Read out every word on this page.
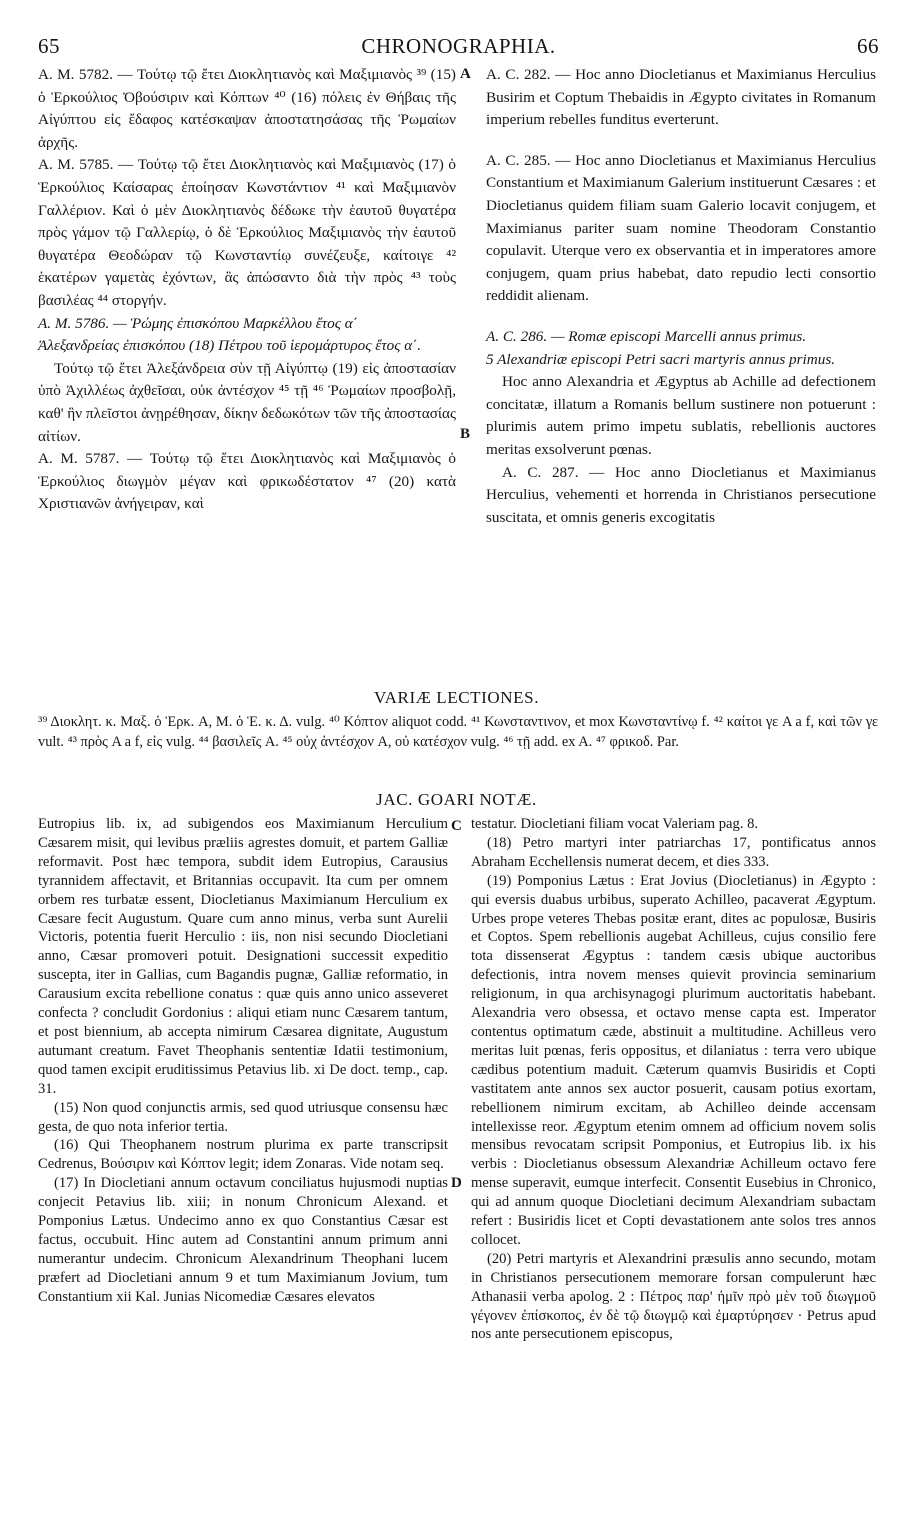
65	CHRONOGRAPHIA.	66
A
B
C
D

A. M. 5782. — Τούτῳ τῷ ἔτει Διοκλητιανὸς καὶ Μαξιμιανὸς ³⁹ (15) ὁ Ἑρκούλιος Ὀβούσιριν καὶ Κόπτων ⁴⁰ (16) πόλεις ἐν Θήβαις τῆς Αἰγύπτου εἰς ἔδαφος κατέσκαψαν ἀποστατησάσας τῆς Ῥωμαίων ἀρχῆς.

A. M. 5785. — Τούτῳ τῷ ἔτει Διοκλητιανὸς καὶ Μαξιμιανὸς (17) ὁ Ἑρκούλιος Καίσαρας ἐποίησαν Κωνστάντιον ⁴¹ καὶ Μαξιμιανὸν Γαλλέριον. Καὶ ὁ μὲν Διοκλητιανὸς δέδωκε τὴν ἑαυτοῦ θυγατέρα πρὸς γάμον τῷ Γαλλερίῳ, ὁ δὲ Ἑρκούλιος Μαξιμιανὸς τὴν ἑαυτοῦ θυγατέρα Θεοδώραν τῷ Κωνσταντίῳ συνέζευξε, καίτοιγε ⁴² ἑκατέρων γαμετὰς ἐχόντων, ἃς ἀπώσαντο διὰ τὴν πρὸς ⁴³ τοὺς βασιλέας ⁴⁴ στοργήν.

A. M. 5786. — Ῥώμης ἐπισκόπου Μαρκέλλου ἔτος α΄

Ἀλεξανδρείας ἐπισκόπου (18) Πέτρου τοῦ ἱερομάρτυρος ἔτος α΄.

Τούτῳ τῷ ἔτει Ἀλεξάνδρεια σὺν τῇ Αἰγύπτῳ (19) εἰς ἀποστασίαν ὑπὸ Ἀχιλλέως ἀχθεῖσαι, οὐκ ἀντέσχον ⁴⁵ τῇ ⁴⁶ Ῥωμαίων προσβολῇ, καθ' ἣν πλεῖστοι ἀνῃρέθησαν, δίκην δεδωκότων τῶν τῆς ἀποστασίας αἰτίων.

A. M. 5787. — Τούτῳ τῷ ἔτει Διοκλητιανὸς καὶ Μαξιμιανὸς ὁ Ἑρκούλιος διωγμὸν μέγαν καὶ φρικωδέστατον ⁴⁷ (20) κατὰ Χριστιανῶν ἀνήγειραν, καὶ

A. C. 282. — Hoc anno Diocletianus et Maximianus Herculius Busirim et Coptum Thebaidis in Ægypto civitates in Romanum imperium rebelles funditus everterunt.

A. C. 285. — Hoc anno Diocletianus et Maximianus Herculius Constantium et Maximianum Galerium instituerunt Cæsares : et Diocletianus quidem filiam suam Galerio locavit conjugem, et Maximianus pariter suam nomine Theodoram Constantio copulavit. Uterque vero ex observantia et in imperatores amore conjugem, quam prius habebat, dato repudio lecti consortio reddidit alienam.

A. C. 286. — Romæ episcopi Marcelli annus primus.

5 Alexandriæ episcopi Petri sacri martyris annus primus.

Hoc anno Alexandria et Ægyptus ab Achille ad defectionem concitatæ, illatum a Romanis bellum sustinere non potuerunt : plurimis autem primo impetu sublatis, rebellionis auctores meritas exsolverunt pœnas.

A. C. 287. — Hoc anno Diocletianus et Maximianus Herculius, vehementi et horrenda in Christianos persecutione suscitata, et omnis generis excogitatis

VARIÆ LECTIONES.

³⁹ Διοκλητ. κ. Μαξ. ὁ Ἑρκ. A, M. ὁ Ἑ. κ. Δ. vulg. ⁴⁰ Κόπτον aliquot codd. ⁴¹ Κωνσταντινον, et mox Κωνσταντίνῳ f. ⁴² καίτοι γε A a f, καὶ τῶν γε vult. ⁴³ πρὸς A a f, εἰς vulg. ⁴⁴ βασιλεῖς A. ⁴⁵ οὐχ ἀντέσχον A, οὐ κατέσχον vulg. ⁴⁶ τῇ add. ex A. ⁴⁷ φρικοδ. Par.

JAC. GOARI NOTÆ.

Eutropius lib. ix, ad subigendos eos Maximianum Herculium Cæsarem misit, qui levibus præliis agrestes domuit, et partem Galliæ reformavit. Post hæc tempora, subdit idem Eutropius, Carausius tyrannidem affectavit, et Britannias occupavit. Ita cum per omnem orbem res turbatæ essent, Diocletianus Maximianum Herculium ex Cæsare fecit Augustum. Quare cum anno minus, verba sunt Aurelii Victoris, potentia fuerit Herculio : iis, non nisi secundo Diocletiani anno, Cæsar promoveri potuit. Designationi successit expeditio suscepta, iter in Gallias, cum Bagandis pugnæ, Galliæ reformatio, in Carausium excita rebellione conatus : quæ quis anno unico asseveret confecta ? concludit Gordonius : aliqui etiam nunc Cæsarem tantum, et post biennium, ab accepta nimirum Cæsarea dignitate, Augustum autumant creatum. Favet Theophanis sententiæ Idatii testimonium, quod tamen excipit eruditissimus Petavius lib. xi De doct. temp., cap. 31.

(15) Non quod conjunctis armis, sed quod utriusque consensu hæc gesta, de quo nota inferior tertia.

(16) Qui Theophanem nostrum plurima ex parte transcripsit Cedrenus, Βούσιριν καὶ Κόπτον legit; idem Zonaras. Vide notam seq.

(17) In Diocletiani annum octavum conciliatus hujusmodi nuptias conjecit Petavius lib. xiii; in nonum Chronicum Alexand. et Pomponius Lætus. Undecimo anno ex quo Constantius Cæsar est factus, occubuit. Hinc autem ad Constantini annum primum anni numerantur undecim. Chronicum Alexandrinum Theophani lucem præfert ad Diocletiani annum 9 et tum Maximianum Jovium, tum Constantium xii Kal. Junias Nicomediæ Cæsares elevatos

testatur. Diocletiani filiam vocat Valeriam pag. 8.

(18) Petro martyri inter patriarchas 17, pontificatus annos Abraham Ecchellensis numerat decem, et dies 333.

(19) Pomponius Lætus : Erat Jovius (Diocletianus) in Ægypto : qui eversis duabus urbibus, superato Achilleo, pacaverat Ægyptum. Urbes prope veteres Thebas positæ erant, dites ac populosæ, Busiris et Coptos. Spem rebellionis augebat Achilleus, cujus consilio fere tota dissenserat Ægyptus : tandem cæsis ubique auctoribus defectionis, intra novem menses quievit provincia seminarium religionum, in qua archisynagogi plurimum auctoritatis habebant. Alexandria vero obsessa, et octavo mense capta est. Imperator contentus optimatum cæde, abstinuit a multitudine. Achilleus vero meritas luit pœnas, feris oppositus, et dilaniatus : terra vero ubique cædibus potentium maduit. Cæterum quamvis Busiridis et Copti vastitatem ante annos sex auctor posuerit, causam potius exortam, rebellionem nimirum excitam, ab Achilleo deinde accensam intellexisse reor. Ægyptum etenim omnem ad officium novem solis mensibus revocatam scripsit Pomponius, et Eutropius lib. ix his verbis : Diocletianus obsessum Alexandriæ Achilleum octavo fere mense superavit, eumque interfecit. Consentit Eusebius in Chronico, qui ad annum quoque Diocletiani decimum Alexandriam subactam refert : Busiridis licet et Copti devastationem ante solos tres annos collocet.

(20) Petri martyris et Alexandrini præsulis anno secundo, motam in Christianos persecutionem memorare forsan compulerunt hæc Athanasii verba apolog. 2 : Πέτρος παρ' ἡμῖν πρὸ μὲν τοῦ διωγμοῦ γέγονεν ἐπίσκοπος, ἐν δὲ τῷ διωγμῷ καὶ ἐμαρτύρησεν · Petrus apud nos ante persecutionem episcopus,
